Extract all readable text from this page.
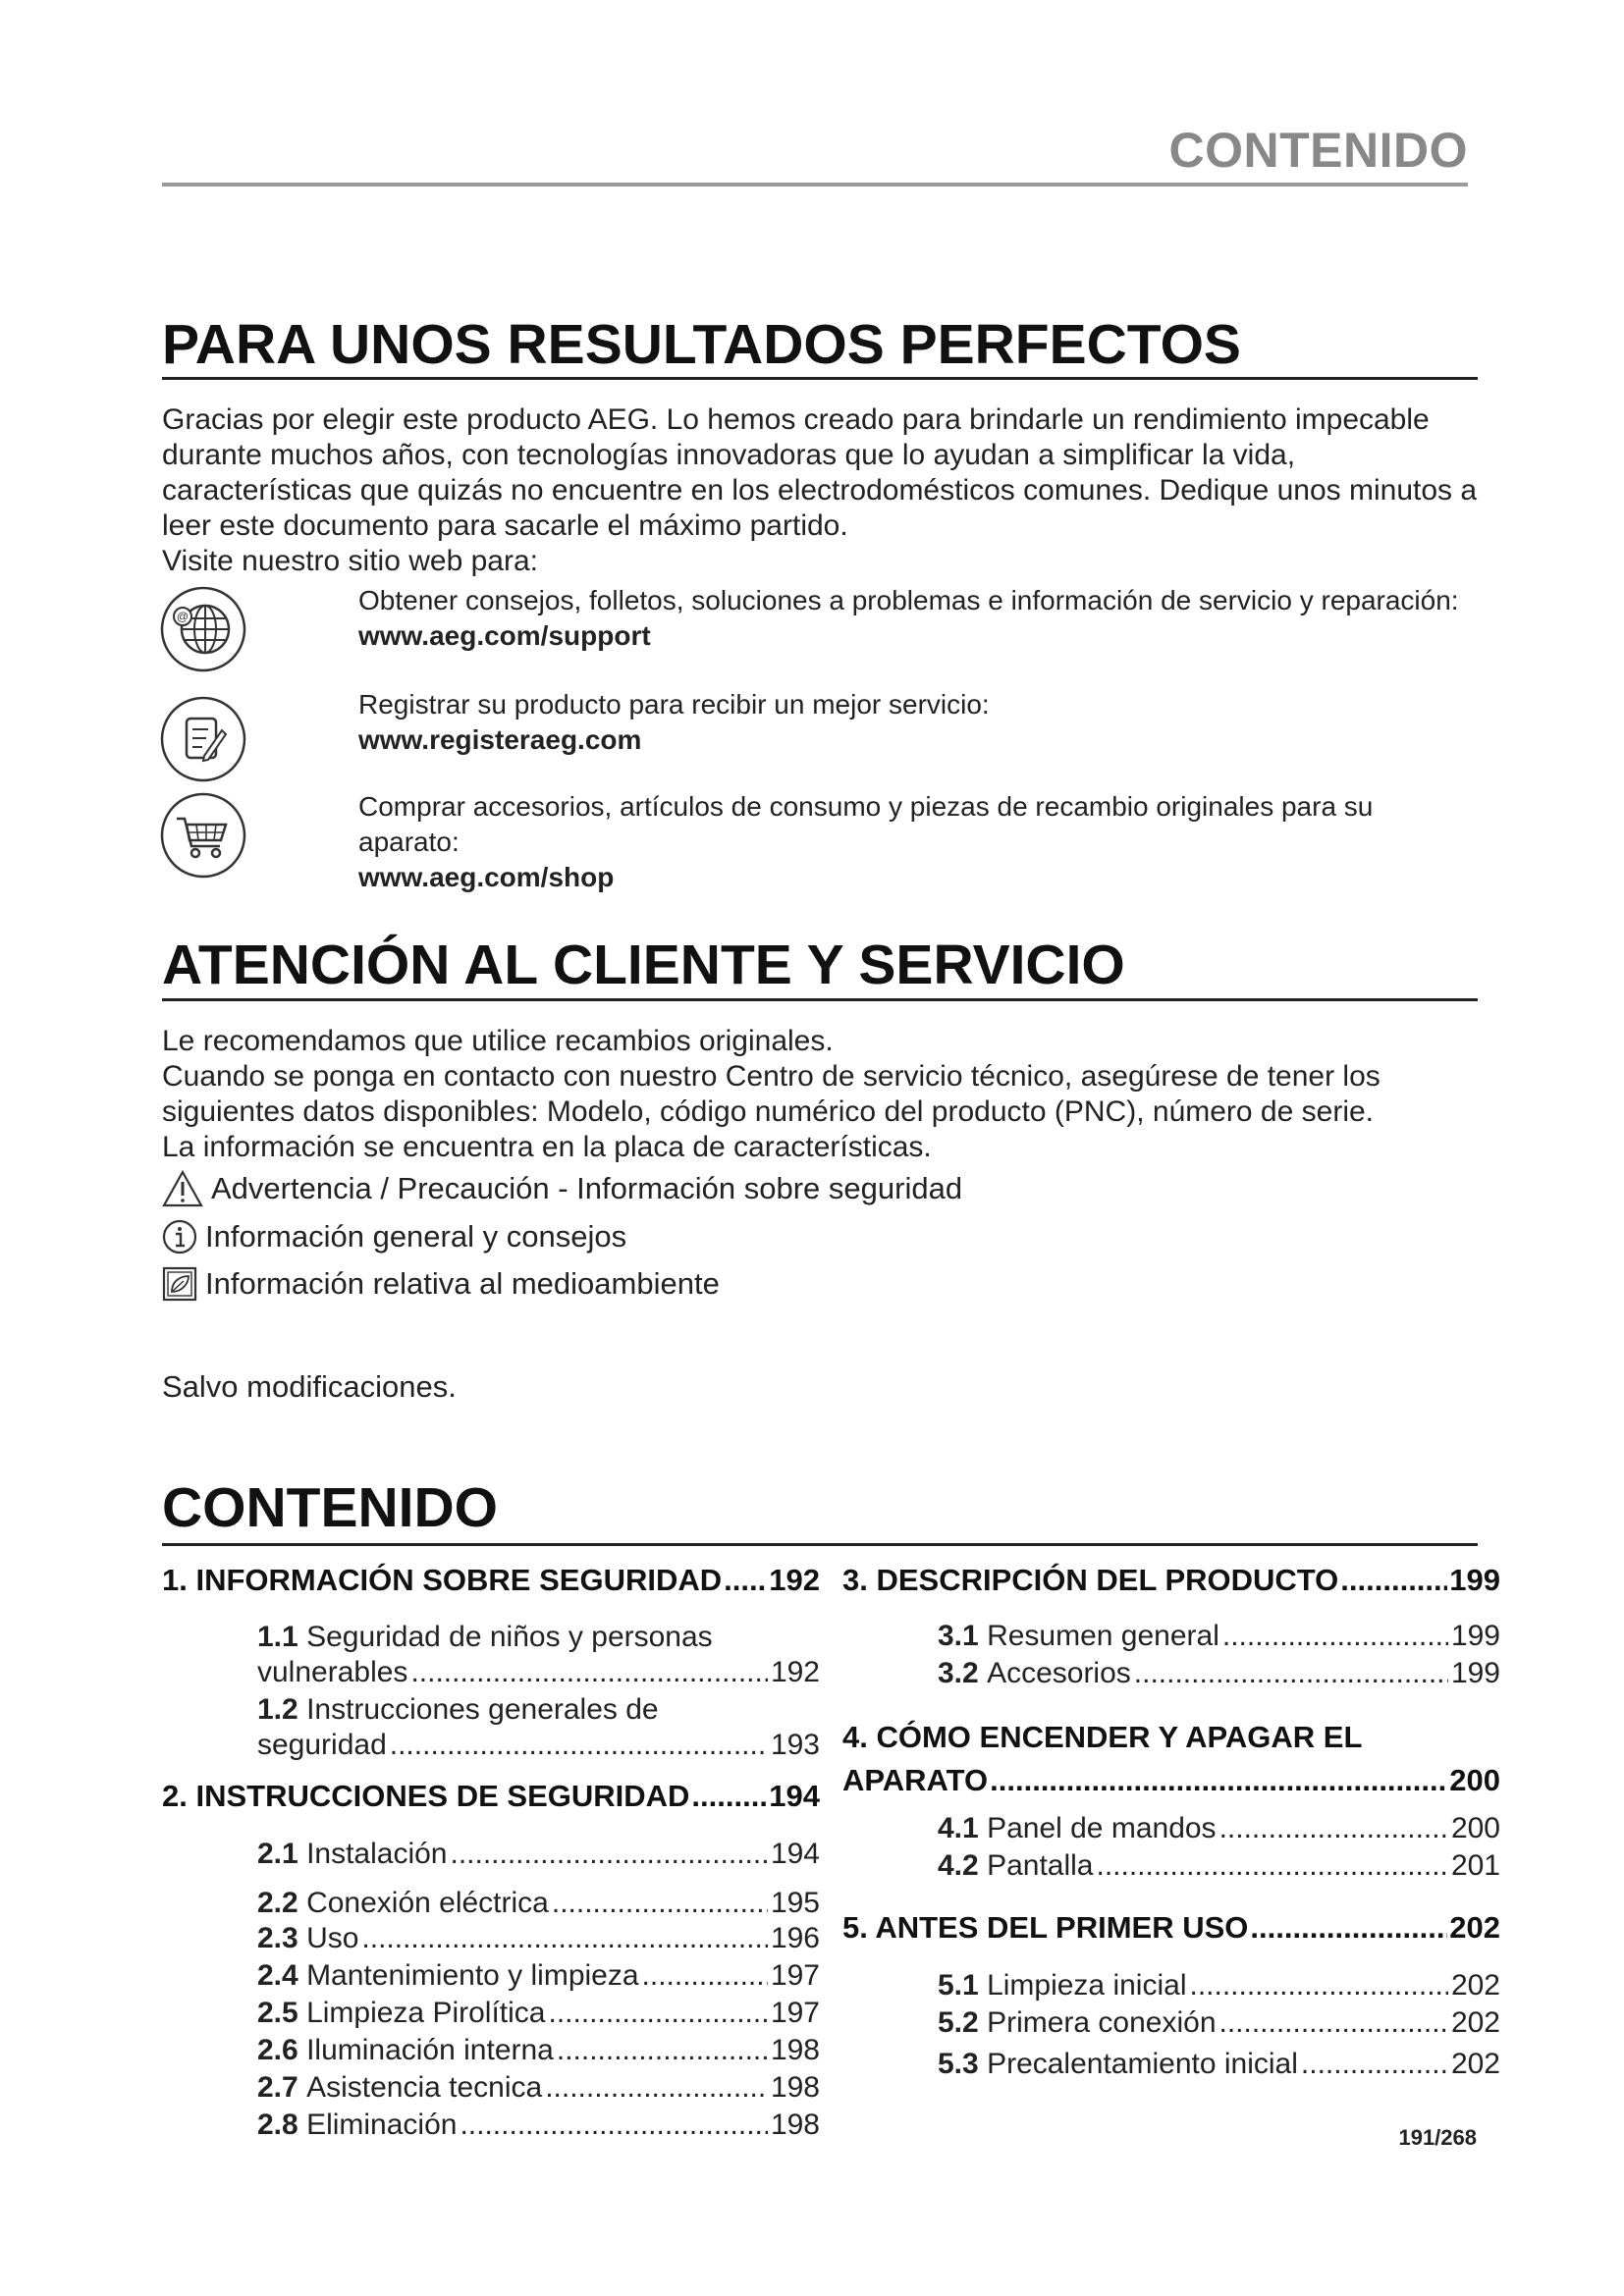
CONTENIDO
PARA UNOS RESULTADOS PERFECTOS

Gracias por elegir este producto AEG. Lo hemos creado para brindarle un rendimiento impecable durante muchos años, con tecnologías innovadoras que lo ayudan a simplificar la vida, características que quizás no encuentre en los electrodomésticos comunes. Dedique unos minutos a leer este documento para sacarle el máximo partido.

Visite nuestro sitio web para:

@
Obtener consejos, folletos, soluciones a problemas e información de servicio y reparación:
www.aeg.com/support
Registrar su producto para recibir un mejor servicio:
www.registeraeg.com
Comprar accesorios, artículos de consumo y piezas de recambio originales para su aparato:
www.aeg.com/shop
ATENCIÓN AL CLIENTE Y SERVICIO

Le recomendamos que utilice recambios originales.

Cuando se ponga en contacto con nuestro Centro de servicio técnico, asegúrese de tener los siguientes datos disponibles: Modelo, código numérico del producto (PNC), número de serie.

La información se encuentra en la placa de características.

Advertencia / Precaución - Información sobre seguridad
Información general y consejos
Información relativa al medioambiente
Salvo modificaciones.
CONTENIDO
1. INFORMACIÓN SOBRE SEGURIDAD ..... 192
1.1 Seguridad de niños y personas
vulnerables .....	192
1.2 Instrucciones generales de
seguridad .....	193
2. INSTRUCCIONES DE SEGURIDAD .....	194
2.1
Instalación .....	194
2.2
Conexión eléctrica .....	195
2.3
Uso .....	196
2.4
Mantenimiento y limpieza .....	197
2.5
Limpieza Pirolítica .....	197
2.6
Iluminación interna .....	198
2.7
Asistencia tecnica .....	198
2.8
Eliminación .....	198
3. DESCRIPCIÓN DEL PRODUCTO .....	199
3.1
Resumen general .....	199
3.2
Accesorios .....	199
4. CÓMO ENCENDER Y APAGAR EL
APARATO .....	200
4.1
Panel de mandos .....	200
4.2
Pantalla .....	201
5. ANTES DEL PRIMER USO .....	202
5.1
Limpieza inicial .....	202
5.2
Primera conexión .....	202
5.3
Precalentamiento inicial .....	202
191/268
